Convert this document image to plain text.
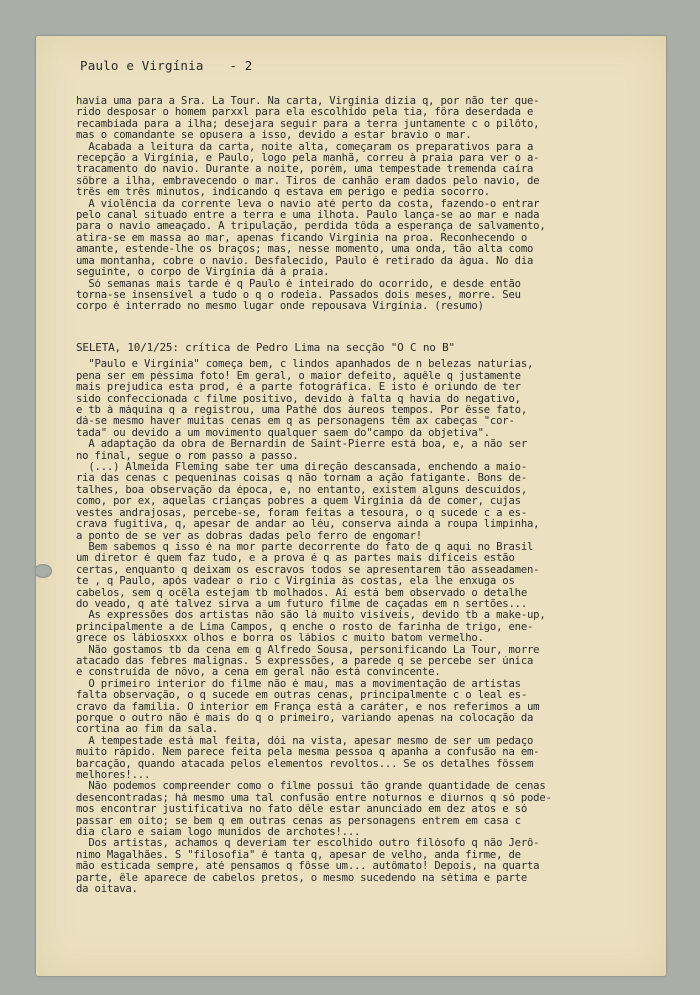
Paulo e Virgínia - 2
havia uma para a Sra. La Tour. Na carta, Virgínia dizia q, por não ter que-
rido desposar o homem parxxl para ela escolhido pela tia, fôra deserdada e
recambiada para a ilha; desejara seguir para a terra juntamente c o pilôto,
mas o comandante se opusera a isso, devido a estar bravio o mar.
Acabada a leitura da carta, noite alta, começaram os preparativos para a
recepção a Virgínia, e Paulo, logo pela manhã, correu à praia para ver o a-
tracamento do navio. Durante a noite, porém, uma tempestade tremenda caíra
sôbre a ilha, embravecendo o mar. Tiros de canhão eram dados pelo navio, de
três em três minutos, indicando q estava em perigo e pedia socorro.
A violência da corrente leva o navio até perto da costa, fazendo-o entrar
pelo canal situado entre a terra e uma ilhota. Paulo lança-se ao mar e nada
para o navio ameaçado. A tripulação, perdida tôda a esperança de salvamento,
atira-se em massa ao mar, apenas ficando Virgínia na proa. Reconhecendo o
amante, estende-lhe os braços; mas, nesse momento, uma onda, tão alta como
uma montanha, cobre o navio. Desfalecido, Paulo é retirado da água. No dia
seguinte, o corpo de Virgínia dá à praia.
Só semanas mais tarde é q Paulo é inteirado do ocorrido, e desde então
torna-se insensível a tudo o q o rodeia. Passados dois meses, morre. Seu
corpo é interrado no mesmo lugar onde repousava Virgínia. (resumo)
SELETA, 10/1/25: crítica de Pedro Lima na secção "O C no B"
"Paulo e Virgínia" começa bem, c lindos apanhados de n belezas naturias,
pena ser em péssima foto! Em geral, o maior defeito, aquêle q justamente
mais prejudica esta prod, é a parte fotográfica. E isto é oriundo de ter
sido confeccionada c filme positivo, devido à falta q havia do negativo,
e tb à máquina q a registrou, uma Pathé dos áureos tempos. Por êsse fato,
dá-se mesmo haver muitas cenas em q as personagens têm ax cabeças "cor-
tada" ou devido a um movimento qualquer saem do"campo da objetiva".
A adaptação da obra de Bernardin de Saint-Pierre está boa, e, a não ser
no final, segue o rom passo a passo.
(...) Almeida Fleming sabe ter uma direção descansada, enchendo a maio-
ria das cenas c pequeninas coisas q não tornam a ação fatigante. Bons de-
talhes, boa observação da época, e, no entanto, existem alguns descuidos,
como, por ex, aquelas crianças pobres a quem Virgínia dá de comer, cujas
vestes andrajosas, percebe-se, foram feitas a tesoura, o q sucede c a es-
crava fugitiva, q, apesar de andar ao léu, conserva ainda a roupa limpinha,
a ponto de se ver as dobras dadas pelo ferro de engomar!
Bem sabemos q isso é na mor parte decorrente do fato de q aqui no Brasil
um diretor é quem faz tudo, e a prova é q as partes mais difíceis estão
certas, enquanto q deixam os escravos todos se apresentarem tão asseadamen-
te , q Paulo, após vadear o rio c Virgínia às costas, ela lhe enxuga os
cabelos, sem q ocêla estejam tb molhados. Aí está bem observado o detalhe
do veado, q até talvez sirva a um futuro filme de caçadas em n sertões...
As expressões dos artistas não são lá muito visíveis, devido tb a make-up,
principalmente a de Lima Campos, q enche o rosto de farinha de trigo, ene-
grece os lábiosxxx olhos e borra os lábios c muito batom vermelho.
Não gostamos tb da cena em q Alfredo Sousa, personificando La Tour, morre
atacado das febres malignas. S expressões, a parede q se percebe ser única
e construída de nôvo, a cena em geral não está convincente.
O primeiro interior do filme não é mau, mas a movimentação de artistas
falta observação, o q sucede em outras cenas, principalmente c o leal es-
cravo da família. O interior em França está a caráter, e nos referimos a um
porque o outro não é mais do q o primeiro, variando apenas na colocação da
cortina ao fim da sala.
A tempestade está mal feita, dói na vista, apesar mesmo de ser um pedaço
muito rápido. Nem parece feita pela mesma pessoa q apanha a confusão na em-
barcação, quando atacada pelos elementos revoltos... Se os detalhes fôssem
melhores!...
Não podemos compreender como o filme possui tão grande quantidade de cenas
desencontradas; há mesmo uma tal confusão entre noturnos e diurnos q só pode-
mos encontrar justificativa no fato dêle estar anunciado em dez atos e só
passar em oito; se bem q em outras cenas as personagens entrem em casa c
dia claro e saiam logo munidos de archotes!...
Dos artistas, achamos q deveriam ter escolhido outro filósofo q não Jerô-
nimo Magalhães. S "filosofia" é tanta q, apesar de velho, anda firme, de
mão esticada sempre, até pensamos q fôsse um... autômato! Depois, na quarta
parte, êle aparece de cabelos pretos, o mesmo sucedendo na sétima e parte
da oitava.
